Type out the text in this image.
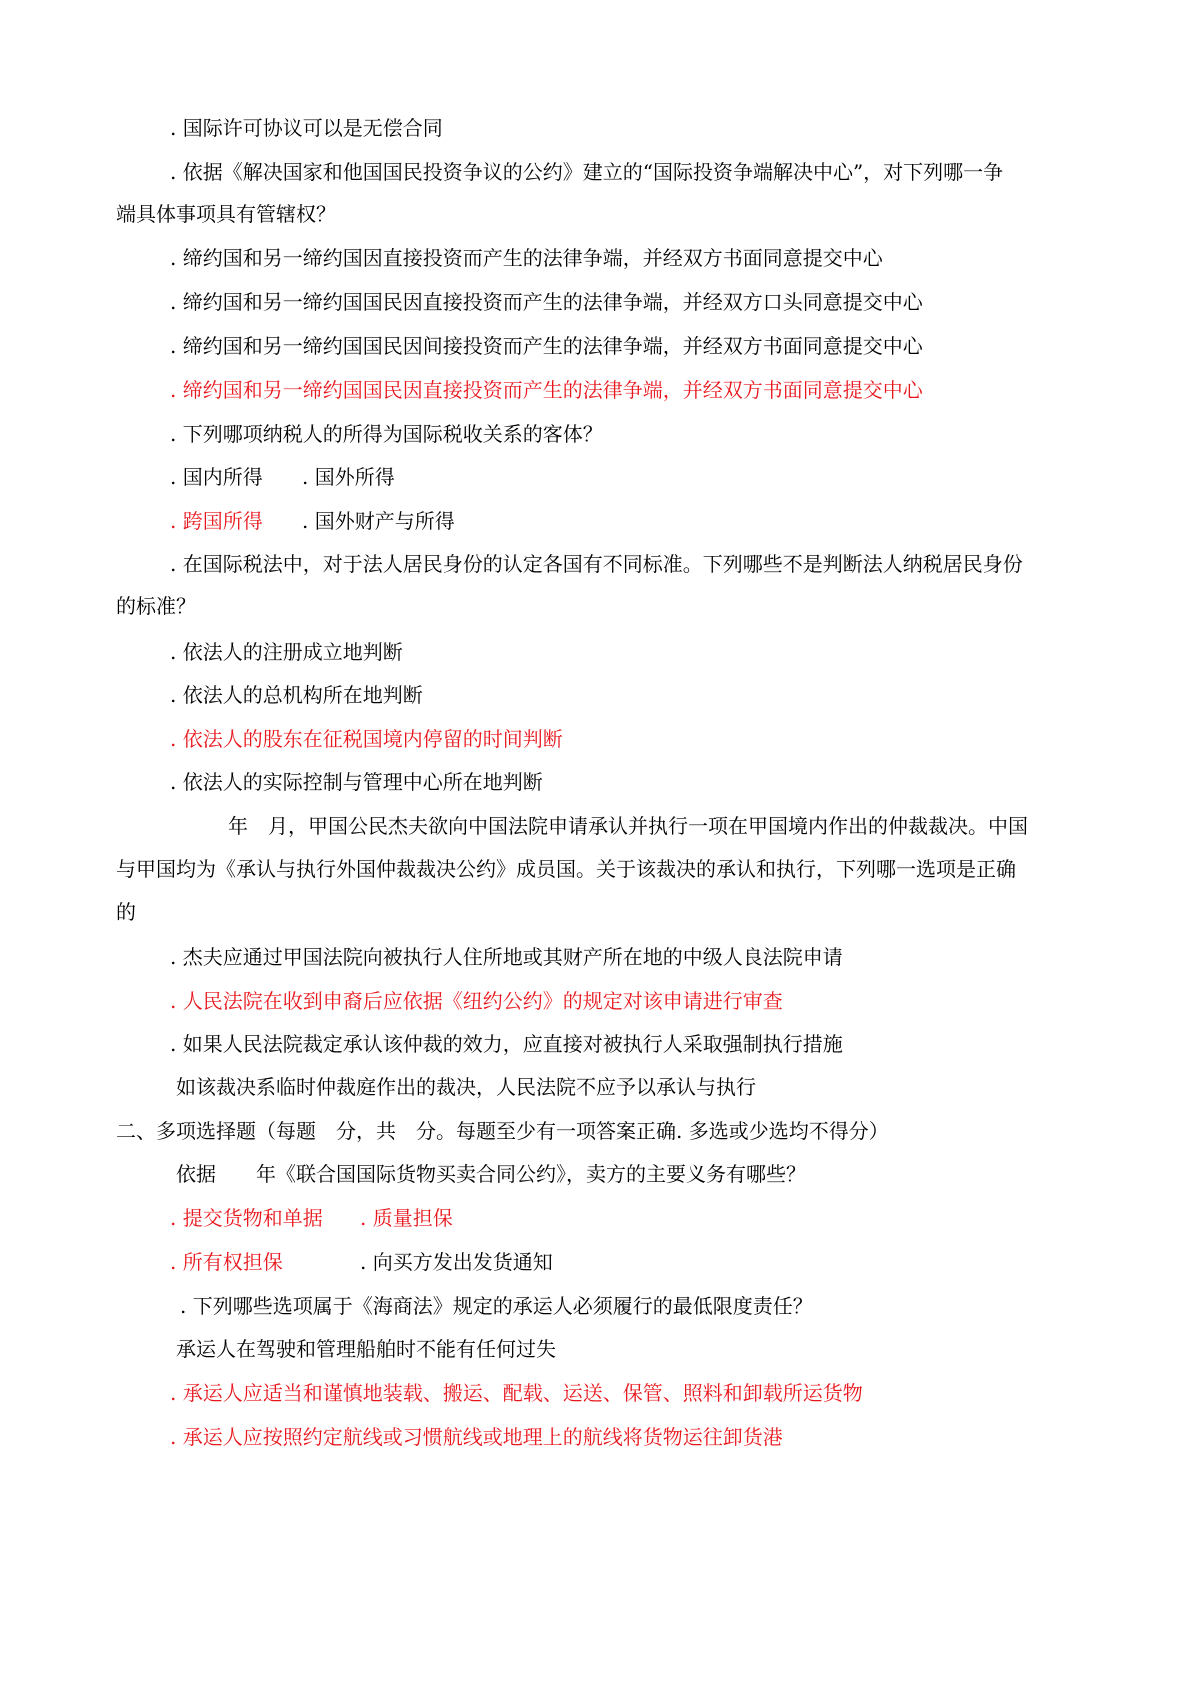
. 国际许可协议可以是无偿合同
. 依据《解决国家和他国国民投资争议的公约》建立的“国际投资争端解决中心”，对下列哪一争
端具体事项具有管辖权？
. 缔约国和另一缔约国因直接投资而产生的法律争端，并经双方书面同意提交中心
. 缔约国和另一缔约国国民因直接投资而产生的法律争端，并经双方口头同意提交中心
. 缔约国和另一缔约国国民因间接投资而产生的法律争端，并经双方书面同意提交中心
. 缔约国和另一缔约国国民因直接投资而产生的法律争端，并经双方书面同意提交中心
. 下列哪项纳税人的所得为国际税收关系的客体？
. 国内所得 . 国外所得
. 跨国所得 . 国外财产与所得
. 在国际税法中，对于法人居民身份的认定各国有不同标准。下列哪些不是判断法人纳税居民身份
的标准？
. 依法人的注册成立地判断
. 依法人的总机构所在地判断
. 依法人的股东在征税国境内停留的时间判断
. 依法人的实际控制与管理中心所在地判断
年　月，甲国公民杰夫欲向中国法院申请承认并执行一项在甲国境内作出的仲裁裁决。中国
与甲国均为《承认与执行外国仲裁裁决公约》成员国。关于该裁决的承认和执行，下列哪一选项是正确
的
. 杰夫应通过甲国法院向被执行人住所地或其财产所在地的中级人良法院申请
. 人民法院在收到申裔后应依据《纽约公约》的规定对该申请进行审查
. 如果人民法院裁定承认该仲裁的效力，应直接对被执行人采取强制执行措施
如该裁决系临时仲裁庭作出的裁决，人民法院不应予以承认与执行
二、多项选择题（每题　分，共　分。每题至少有一项答案正确. 多选或少选均不得分）
依据　　年《联合国国际货物买卖合同公约》，卖方的主要义务有哪些？
. 提交货物和单据 . 质量担保
. 所有权担保	. 向买方发出发货通知
. 下列哪些选项属于《海商法》规定的承运人必须履行的最低限度责任？
承运人在驾驶和管理船舶时不能有任何过失
. 承运人应适当和谨慎地装载、搬运、配载、运送、保管、照料和卸载所运货物
. 承运人应按照约定航线或习惯航线或地理上的航线将货物运往卸货港
